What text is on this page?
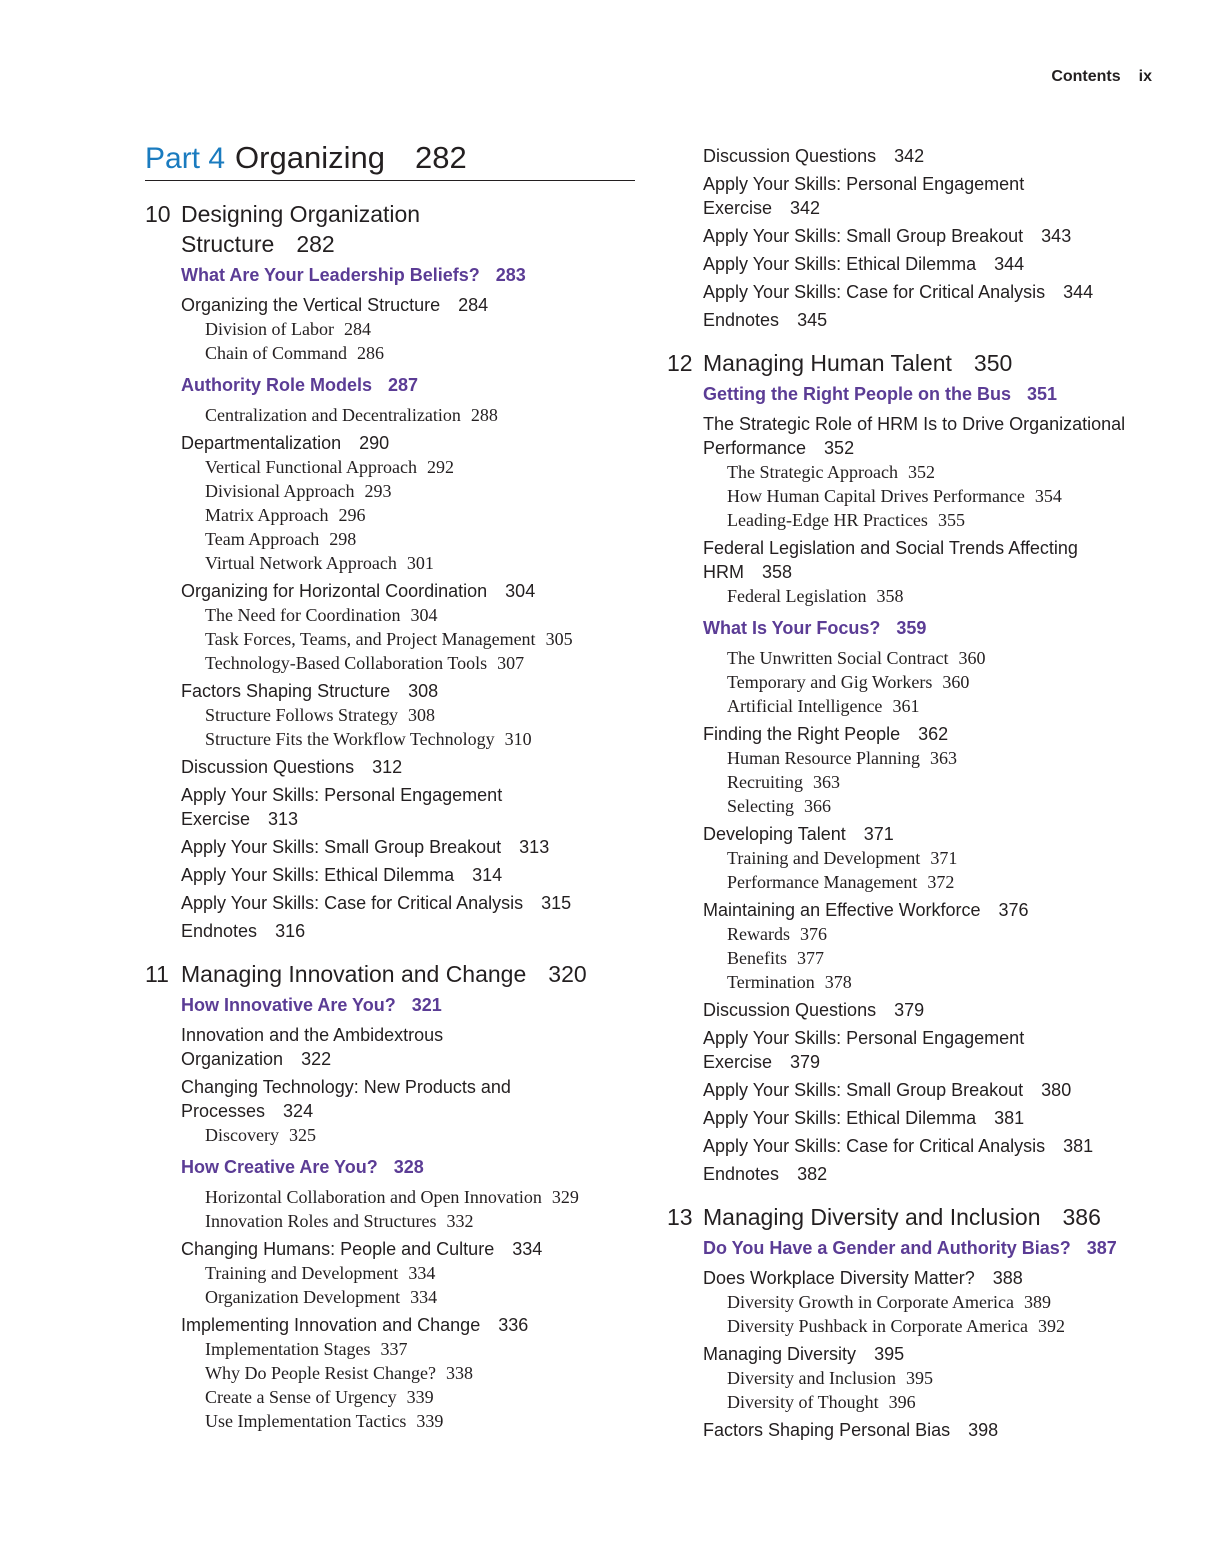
Contents ix
Part 4 Organizing 282
10 Designing Organization Structure 282
What Are Your Leadership Beliefs? 283
Organizing the Vertical Structure 284
Division of Labor 284
Chain of Command 286
Authority Role Models 287
Centralization and Decentralization 288
Departmentalization 290
Vertical Functional Approach 292
Divisional Approach 293
Matrix Approach 296
Team Approach 298
Virtual Network Approach 301
Organizing for Horizontal Coordination 304
The Need for Coordination 304
Task Forces, Teams, and Project Management 305
Technology-Based Collaboration Tools 307
Factors Shaping Structure 308
Structure Follows Strategy 308
Structure Fits the Workflow Technology 310
Discussion Questions 312
Apply Your Skills: Personal Engagement Exercise 313
Apply Your Skills: Small Group Breakout 313
Apply Your Skills: Ethical Dilemma 314
Apply Your Skills: Case for Critical Analysis 315
Endnotes 316
11 Managing Innovation and Change 320
How Innovative Are You? 321
Innovation and the Ambidextrous Organization 322
Changing Technology: New Products and Processes 324
Discovery 325
How Creative Are You? 328
Horizontal Collaboration and Open Innovation 329
Innovation Roles and Structures 332
Changing Humans: People and Culture 334
Training and Development 334
Organization Development 334
Implementing Innovation and Change 336
Implementation Stages 337
Why Do People Resist Change? 338
Create a Sense of Urgency 339
Use Implementation Tactics 339
Discussion Questions 342
Apply Your Skills: Personal Engagement Exercise 342
Apply Your Skills: Small Group Breakout 343
Apply Your Skills: Ethical Dilemma 344
Apply Your Skills: Case for Critical Analysis 344
Endnotes 345
12 Managing Human Talent 350
Getting the Right People on the Bus 351
The Strategic Role of HRM Is to Drive Organizational Performance 352
The Strategic Approach 352
How Human Capital Drives Performance 354
Leading-Edge HR Practices 355
Federal Legislation and Social Trends Affecting HRM 358
Federal Legislation 358
What Is Your Focus? 359
The Unwritten Social Contract 360
Temporary and Gig Workers 360
Artificial Intelligence 361
Finding the Right People 362
Human Resource Planning 363
Recruiting 363
Selecting 366
Developing Talent 371
Training and Development 371
Performance Management 372
Maintaining an Effective Workforce 376
Rewards 376
Benefits 377
Termination 378
Discussion Questions 379
Apply Your Skills: Personal Engagement Exercise 379
Apply Your Skills: Small Group Breakout 380
Apply Your Skills: Ethical Dilemma 381
Apply Your Skills: Case for Critical Analysis 381
Endnotes 382
13 Managing Diversity and Inclusion 386
Do You Have a Gender and Authority Bias? 387
Does Workplace Diversity Matter? 388
Diversity Growth in Corporate America 389
Diversity Pushback in Corporate America 392
Managing Diversity 395
Diversity and Inclusion 395
Diversity of Thought 396
Factors Shaping Personal Bias 398
